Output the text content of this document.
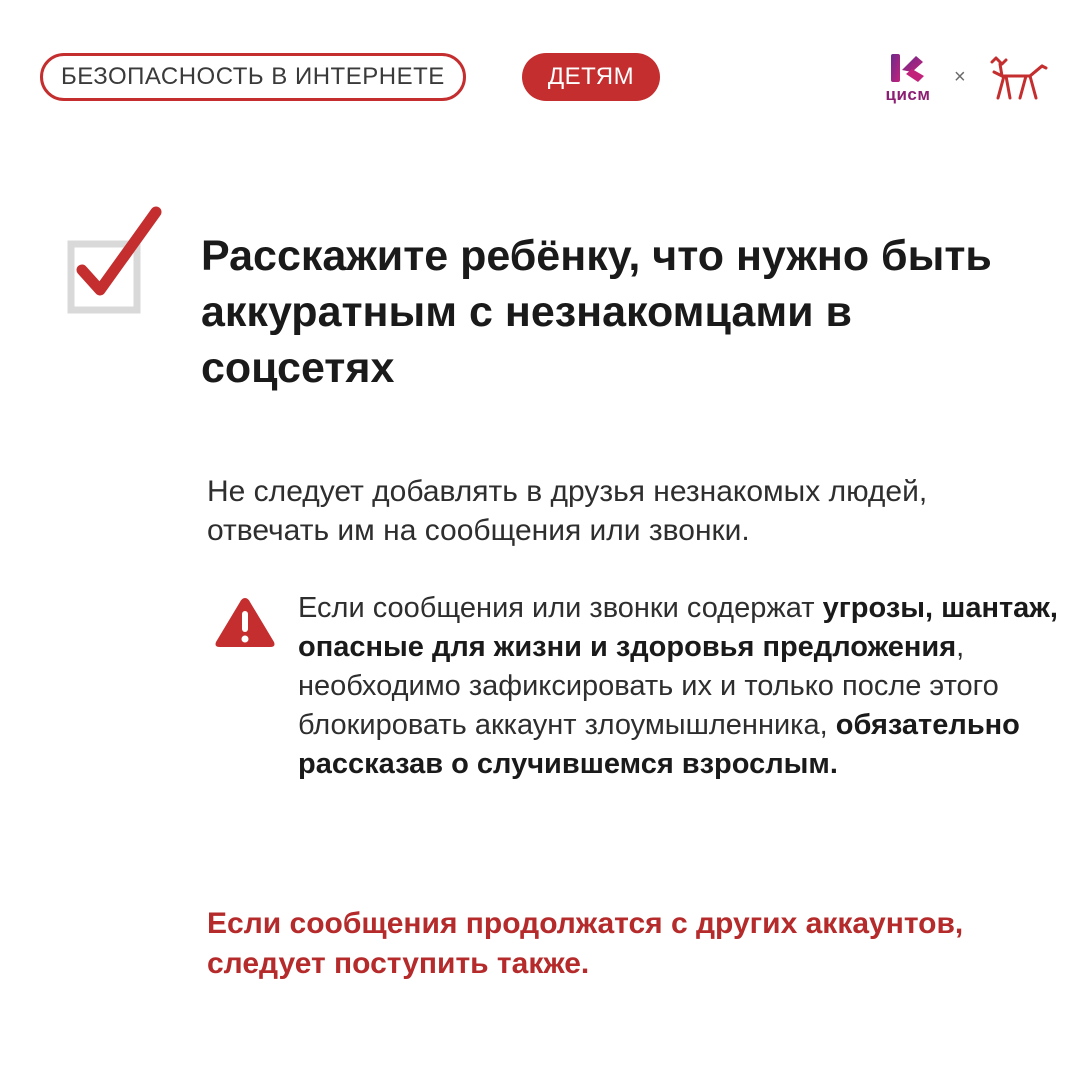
БЕЗОПАСНОСТЬ В ИНТЕРНЕТЕ	ДЕТЯМ
цисм
×
Расскажите ребёнку, что нужно быть аккуратным с незнакомцами в соцсетях

Не следует добавлять в друзья незнакомых людей, отвечать им на сообщения или звонки.

Если сообщения или звонки содержат угрозы, шантаж, опасные для жизни и здоровья предложения, необходимо зафиксировать их и только после этого блокировать аккаунт злоумышленника, обязательно рассказав о случившемся взрослым.

Если сообщения продолжатся с других аккаунтов, следует поступить также.
